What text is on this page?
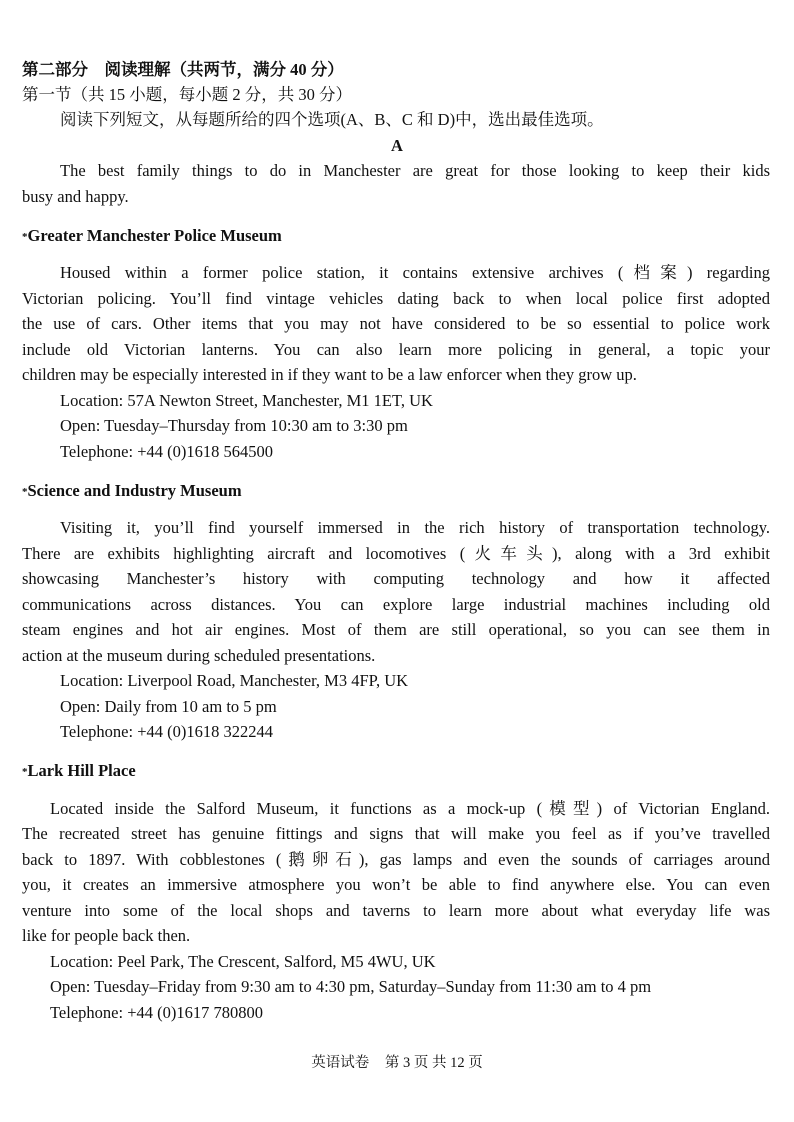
第二部分　阅读理解（共两节，满分 40 分）
第一节（共 15 小题，每小题 2 分，共 30 分）
阅读下列短文，从每题所给的四个选项(A、B、C 和 D)中，选出最佳选项。
A
The best family things to do in Manchester are great for those looking to keep their kids
busy and happy.
*Greater Manchester Police Museum
Housed within a former police station, it contains extensive archives (档案) regarding
Victorian policing. You’ll find vintage vehicles dating back to when local police first adopted
the use of cars. Other items that you may not have considered to be so essential to police work
include old Victorian lanterns. You can also learn more policing in general, a topic your
children may be especially interested in if they want to be a law enforcer when they grow up.
Location: 57A Newton Street, Manchester, M1 1ET, UK
Open: Tuesday–Thursday from 10:30 am to 3:30 pm
Telephone: +44 (0)1618 564500
*Science and Industry Museum
Visiting it, you’ll find yourself immersed in the rich history of transportation technology.
There are exhibits highlighting aircraft and locomotives (火车头), along with a 3rd exhibit
showcasing Manchester’s history with computing technology and how it affected
communications across distances. You can explore large industrial machines including old
steam engines and hot air engines. Most of them are still operational, so you can see them in
action at the museum during scheduled presentations.
Location: Liverpool Road, Manchester, M3 4FP, UK
Open: Daily from 10 am to 5 pm
Telephone: +44 (0)1618 322244
*Lark Hill Place
Located inside the Salford Museum, it functions as a mock-up (模型) of Victorian England.
The recreated street has genuine fittings and signs that will make you feel as if you’ve travelled
back to 1897. With cobblestones (鹅卵石), gas lamps and even the sounds of carriages around
you, it creates an immersive atmosphere you won’t be able to find anywhere else. You can even
venture into some of the local shops and taverns to learn more about what everyday life was
like for people back then.
Location: Peel Park, The Crescent, Salford, M5 4WU, UK
Open: Tuesday–Friday from 9:30 am to 4:30 pm, Saturday–Sunday from 11:30 am to 4 pm
Telephone: +44 (0)1617 780800
英语试卷 第 3 页 共 12 页
